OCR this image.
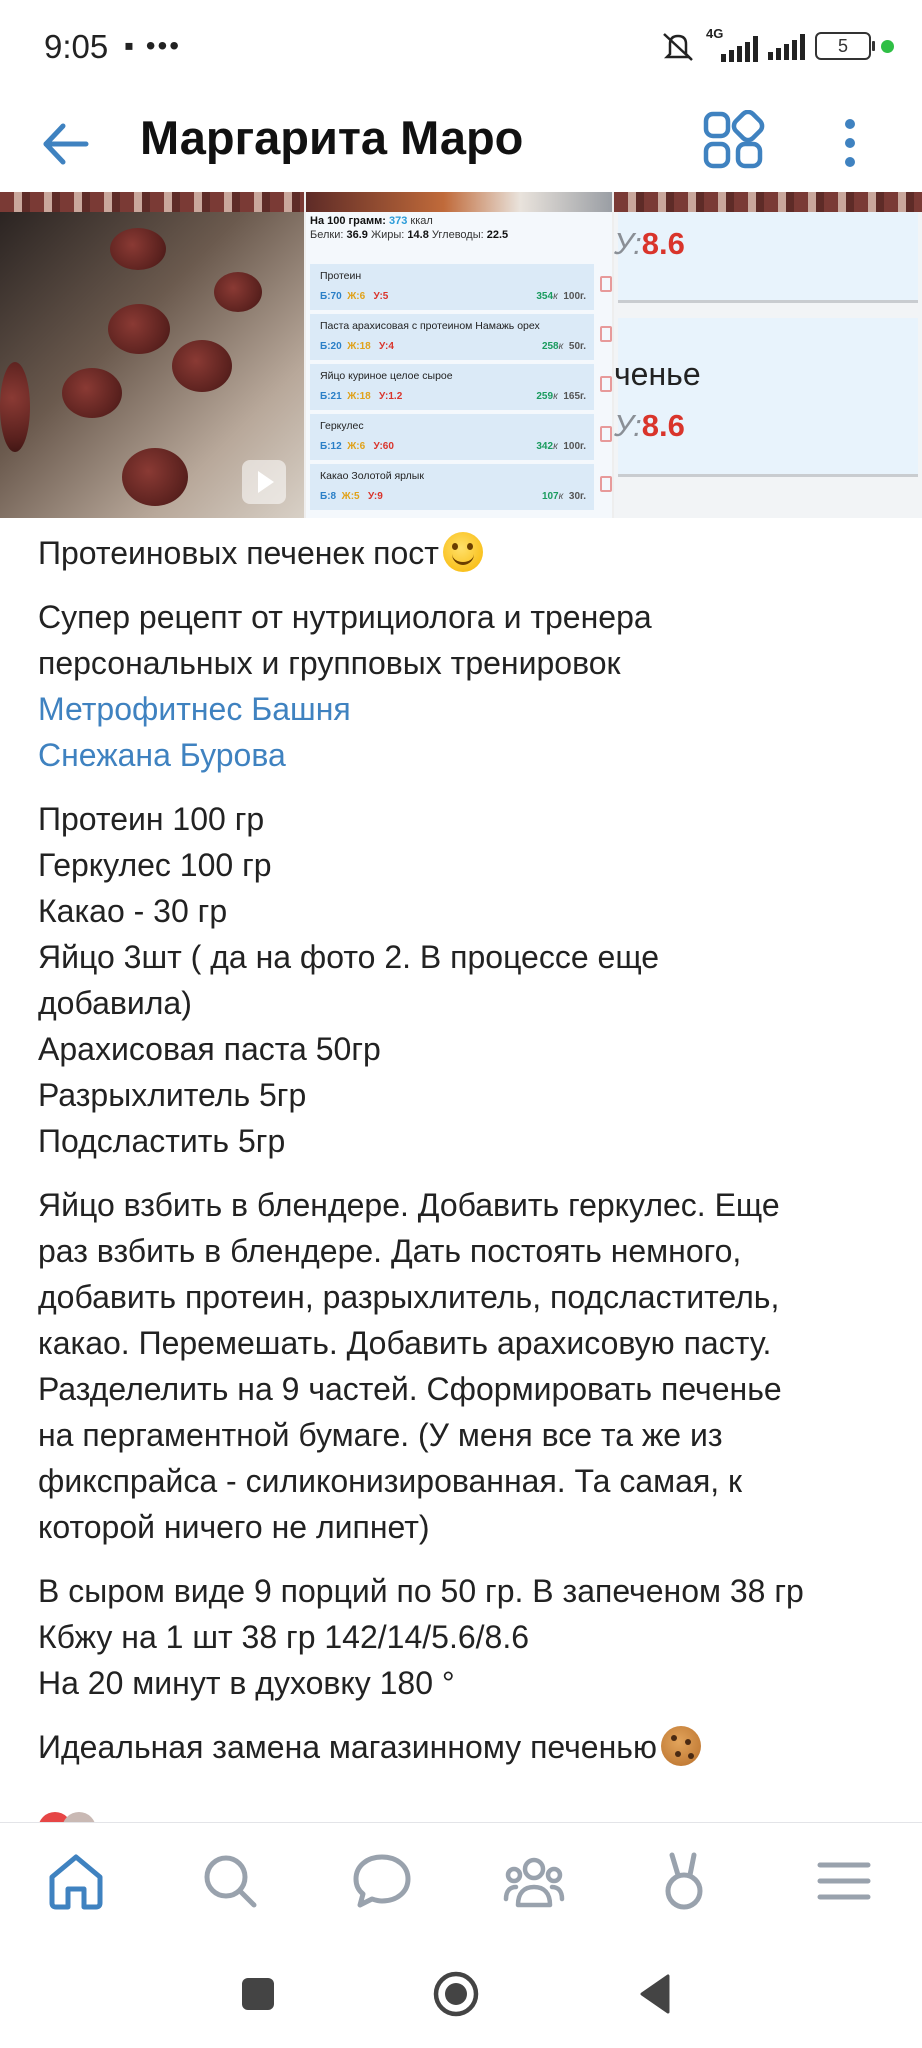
9:05 ▪ •••	4G
5
Маргарита Маро
На 100 грамм: 373 ккал
Белки: 36.9 Жиры: 14.8 Углеводы: 22.5
Протеин
Б:70 Ж:6 У:5	354к 100г.
Паста арахисовая с протеином Намажь орех
Б:20 Ж:18 У:4	258к 50г.
Яйцо куриное целое сырое
Б:21 Ж:18 У:1.2	259к 165г.
Геркулес
Б:12 Ж:6 У:60	342к 100г.
Какао Золотой ярлык
Б:8 Ж:5 У:9	107к 30г.
У:8.6
ченье
У:8.6

Протеиновых печенек пост

Супер рецепт от нутрициолога и тренера
персональных и групповых тренировок
Метрофитнес Башня
Снежана Бурова

Протеин 100 гр
Геркулес 100 гр
Какао - 30 гр
Яйцо 3шт ( да на фото 2. В процессе еще
добавила)
Арахисовая паста 50гр
Разрыхлитель 5гр
Подсластить 5гр

Яйцо взбить в блендере. Добавить геркулес. Еще
раз взбить в блендере. Дать постоять немного,
добавить протеин, разрыхлитель, подсластитель,
какао. Перемешать. Добавить арахисовую пасту.
Разделелить на 9 частей. Сформировать печенье
на пергаментной бумаге. (У меня все та же из
фикспрайса - силиконизированная. Та самая, к
которой ничего не липнет)

В сыром виде 9 порций по 50 гр. В запеченом 38 гр
Кбжу на 1 шт 38 гр 142/14/5.6/8.6
На 20 минут в духовку 180 °

Идеальная замена магазинному печенью
